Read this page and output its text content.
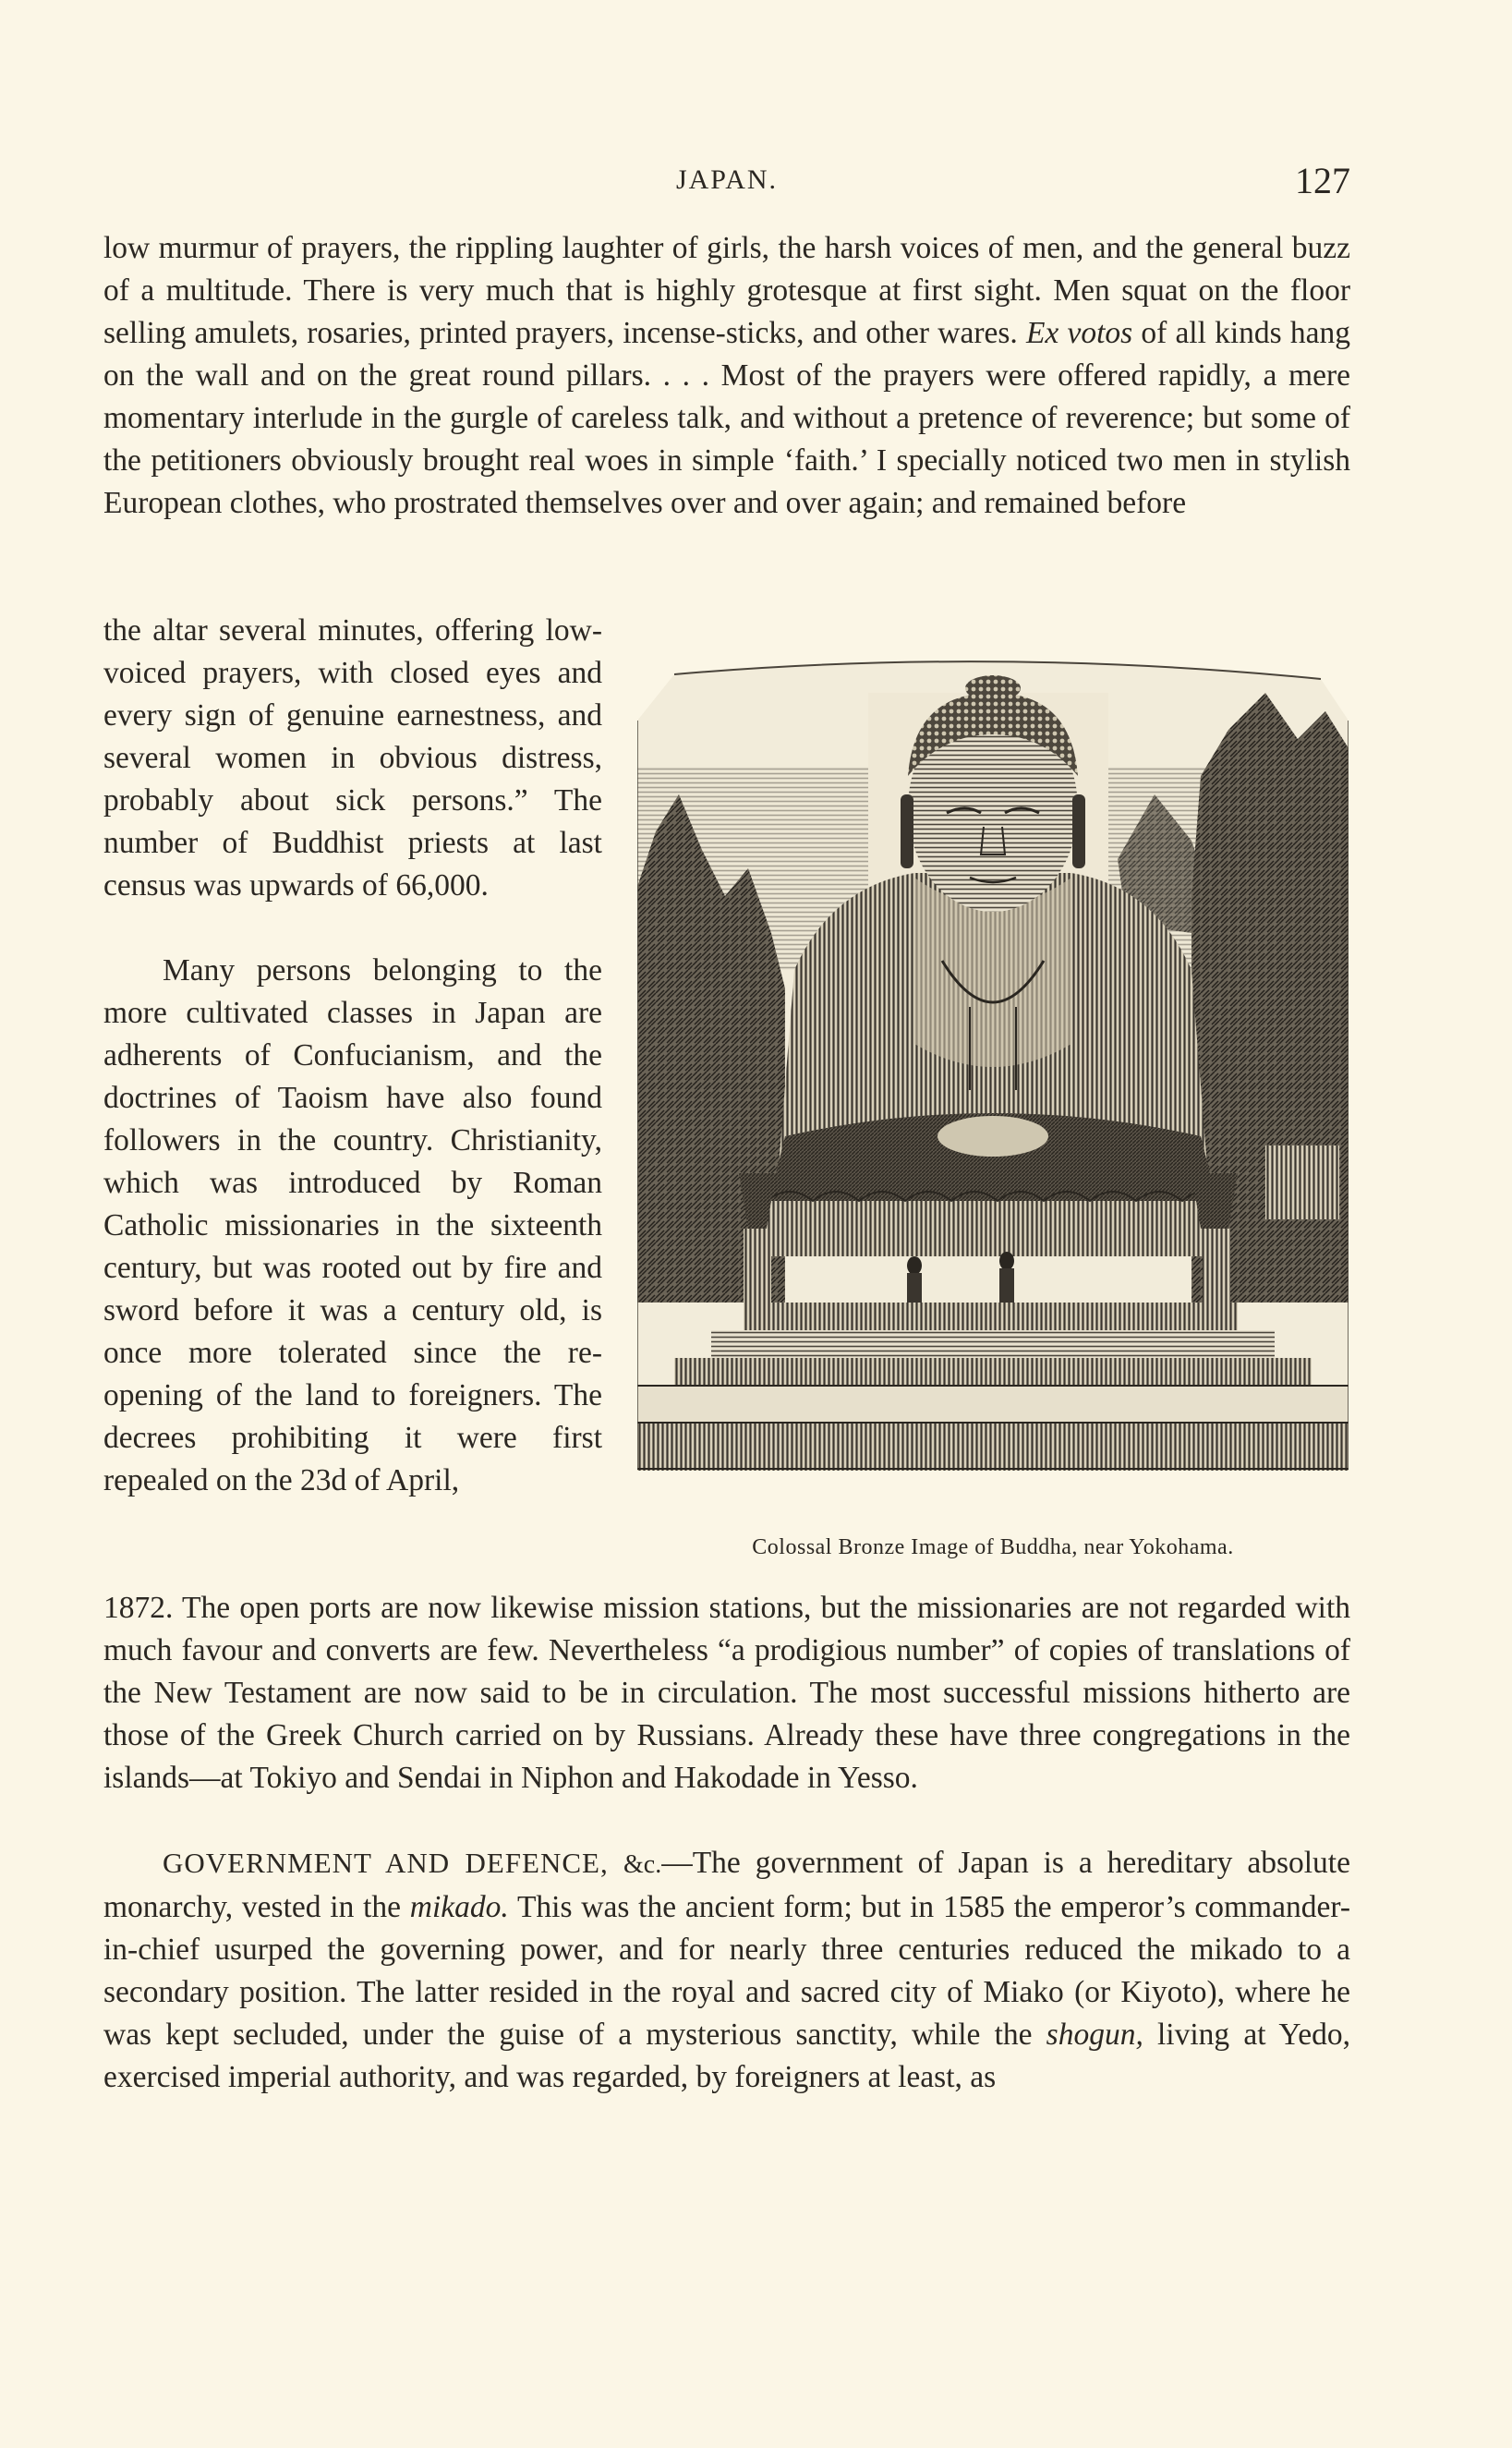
JAPAN.	127

low murmur of prayers, the rippling laughter of girls, the harsh voices of men, and the general buzz of a multitude. There is very much that is highly grotesque at first sight. Men squat on the floor selling amulets, rosaries, printed prayers, incense-sticks, and other wares. Ex votos of all kinds hang on the wall and on the great round pillars. . . . Most of the prayers were offered rapidly, a mere momentary interlude in the gurgle of careless talk, and without a pretence of reverence; but some of the petitioners obviously brought real woes in simple ‘faith.’ I specially noticed two men in stylish European clothes, who prostrated themselves over and over again; and remained before

the altar several minutes, offering low-voiced prayers, with closed eyes and every sign of genuine earnestness, and several women in obvious distress, probably about sick persons.” The number of Buddhist priests at last census was upwards of 66,000.

Many persons belonging to the more cultivated classes in Japan are adherents of Confucianism, and the doctrines of Taoism have also found followers in the country. Christianity, which was introduced by Roman Catholic missionaries in the sixteenth century, but was rooted out by fire and sword before it was a century old, is once more tolerated since the re-opening of the land to foreigners. The decrees prohibiting it were first repealed on the 23d of April,

1872. The open ports are now likewise mission stations, but the missionaries are not regarded with much favour and converts are few. Nevertheless “a prodigious number” of copies of translations of the New Testament are now said to be in circulation. The most successful missions hitherto are those of the Greek Church carried on by Russians. Already these have three congregations in the islands—at Tokiyo and Sendai in Niphon and Hakodade in Yesso.

GOVERNMENT AND DEFENCE, &c.—The government of Japan is a hereditary absolute monarchy, vested in the mikado. This was the ancient form; but in 1585 the emperor’s commander-in-chief usurped the governing power, and for nearly three centuries reduced the mikado to a secondary position. The latter resided in the royal and sacred city of Miako (or Kiyoto), where he was kept secluded, under the guise of a mysterious sanctity, while the shogun, living at Yedo, exercised imperial authority, and was regarded, by foreigners at least, as

Colossal Bronze Image of Buddha, near Yokohama.
